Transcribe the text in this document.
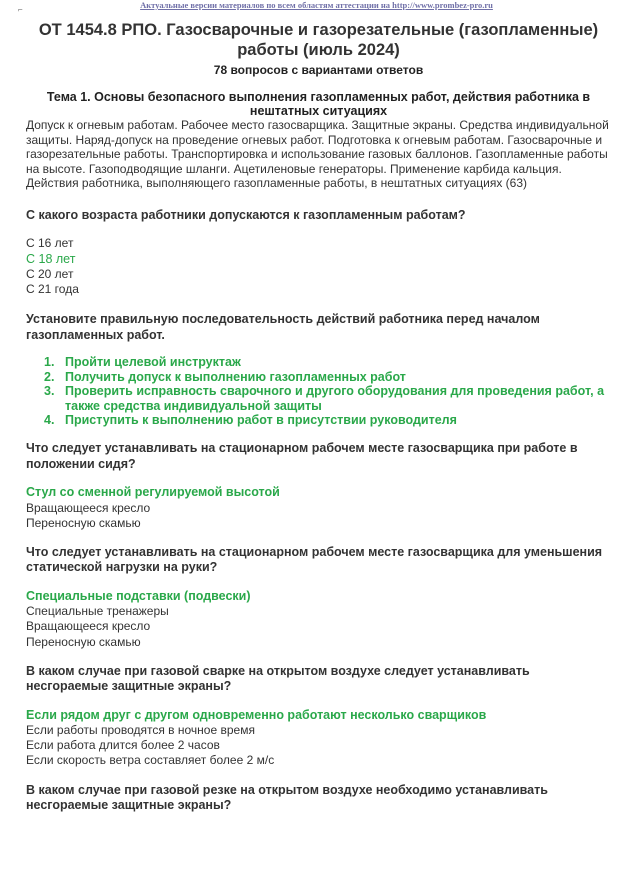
Актуальные версии материалов по всем областям аттестации на http://www.prombez-pro.ru
⌐
ОТ 1454.8 РПО. Газосварочные и газорезательные (газопламенные)
работы (июль 2024)
78 вопросов с вариантами ответов
Тема 1. Основы безопасного выполнения газопламенных работ, действия работника в
нештатных ситуациях

Допуск к огневым работам. Рабочее место газосварщика. Защитные экраны. Средства индивидуальной защиты. Наряд-допуск на проведение огневых работ. Подготовка к огневым работам. Газосварочные и газорезательные работы. Транспортировка и использование газовых баллонов. Газопламенные работы на высоте. Газоподводящие шланги. Ацетиленовые генераторы. Применение карбида кальция. Действия работника, выполняющего газопламенные работы, в нештатных ситуациях (63)

С какого возраста работники допускаются к газопламенным работам?

С 16 лет
С 18 лет
С 20 лет
С 21 года

Установите правильную последовательность действий работника перед началом газопламенных работ.

1. Пройти целевой инструктаж
2. Получить допуск к выполнению газопламенных работ
3. Проверить исправность сварочного и другого оборудования для проведения работ, а также средства индивидуальной защиты
4. Приступить к выполнению работ в присутствии руководителя

Что следует устанавливать на стационарном рабочем месте газосварщика при работе в положении сидя?

Стул со сменной регулируемой высотой
Вращающееся кресло
Переносную скамью

Что следует устанавливать на стационарном рабочем месте газосварщика для уменьшения статической нагрузки на руки?

Специальные подставки (подвески)
Специальные тренажеры
Вращающееся кресло
Переносную скамью

В каком случае при газовой сварке на открытом воздухе следует устанавливать несгораемые защитные экраны?

Если рядом друг с другом одновременно работают несколько сварщиков
Если работы проводятся в ночное время
Если работа длится более 2 часов
Если скорость ветра составляет более 2 м/с

В каком случае при газовой резке на открытом воздухе необходимо устанавливать несгораемые защитные экраны?
